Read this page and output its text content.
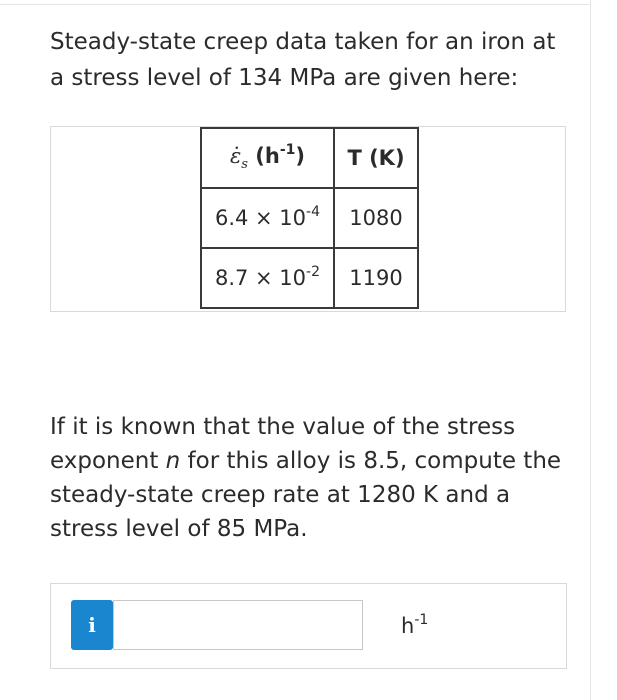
Steady-state creep data taken for an iron at a stress level of 134 MPa are given here:
$\varepsiloṅ_s$ $(h^{-1})$	T (K)
$6.4 \times 10^{-4}$	1080
$8.7 \times 10^{-2}$	1190
If it is known that the value of the stress exponent n for this alloy is 8.5, compute the steady-state creep rate at 1280 K and a stress level of 85 MPa.
i	$h^{-1}$
